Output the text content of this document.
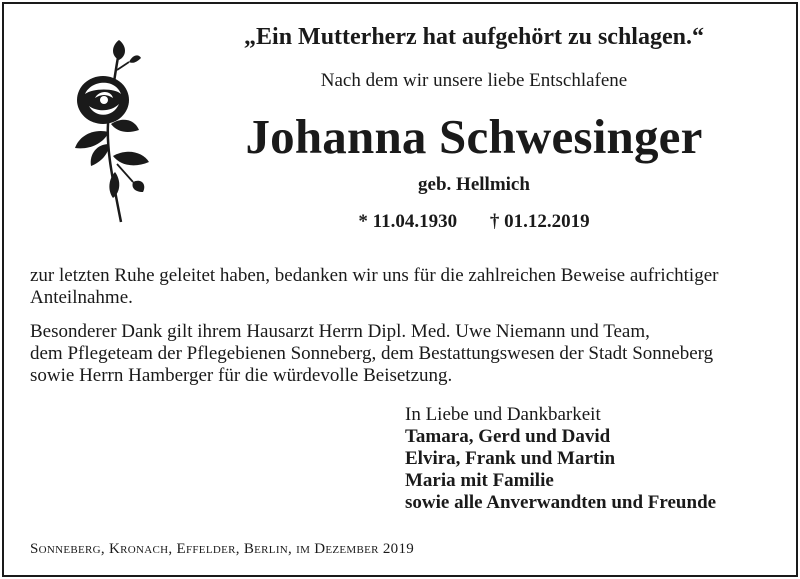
„Ein Mutterherz hat aufgehört zu schlagen.“
Nach dem wir unsere liebe Entschlafene
Johanna Schwesinger
geb. Hellmich
* 11.04.1930 † 01.12.2019

zur letzten Ruhe geleitet haben, bedanken wir uns für die zahlreichen Beweise aufrichtiger Anteilnahme.

Besonderer Dank gilt ihrem Hausarzt Herrn Dipl. Med. Uwe Niemann und Team,
dem Pflegeteam der Pflegebienen Sonneberg, dem Bestattungswesen der Stadt Sonneberg
sowie Herrn Hamberger für die würdevolle Beisetzung.
In Liebe und Dankbarkeit
Tamara, Gerd und David
Elvira, Frank und Martin
Maria mit Familie
sowie alle Anverwandten und Freunde
Sonneberg, Kronach, Effelder, Berlin, im Dezember 2019
